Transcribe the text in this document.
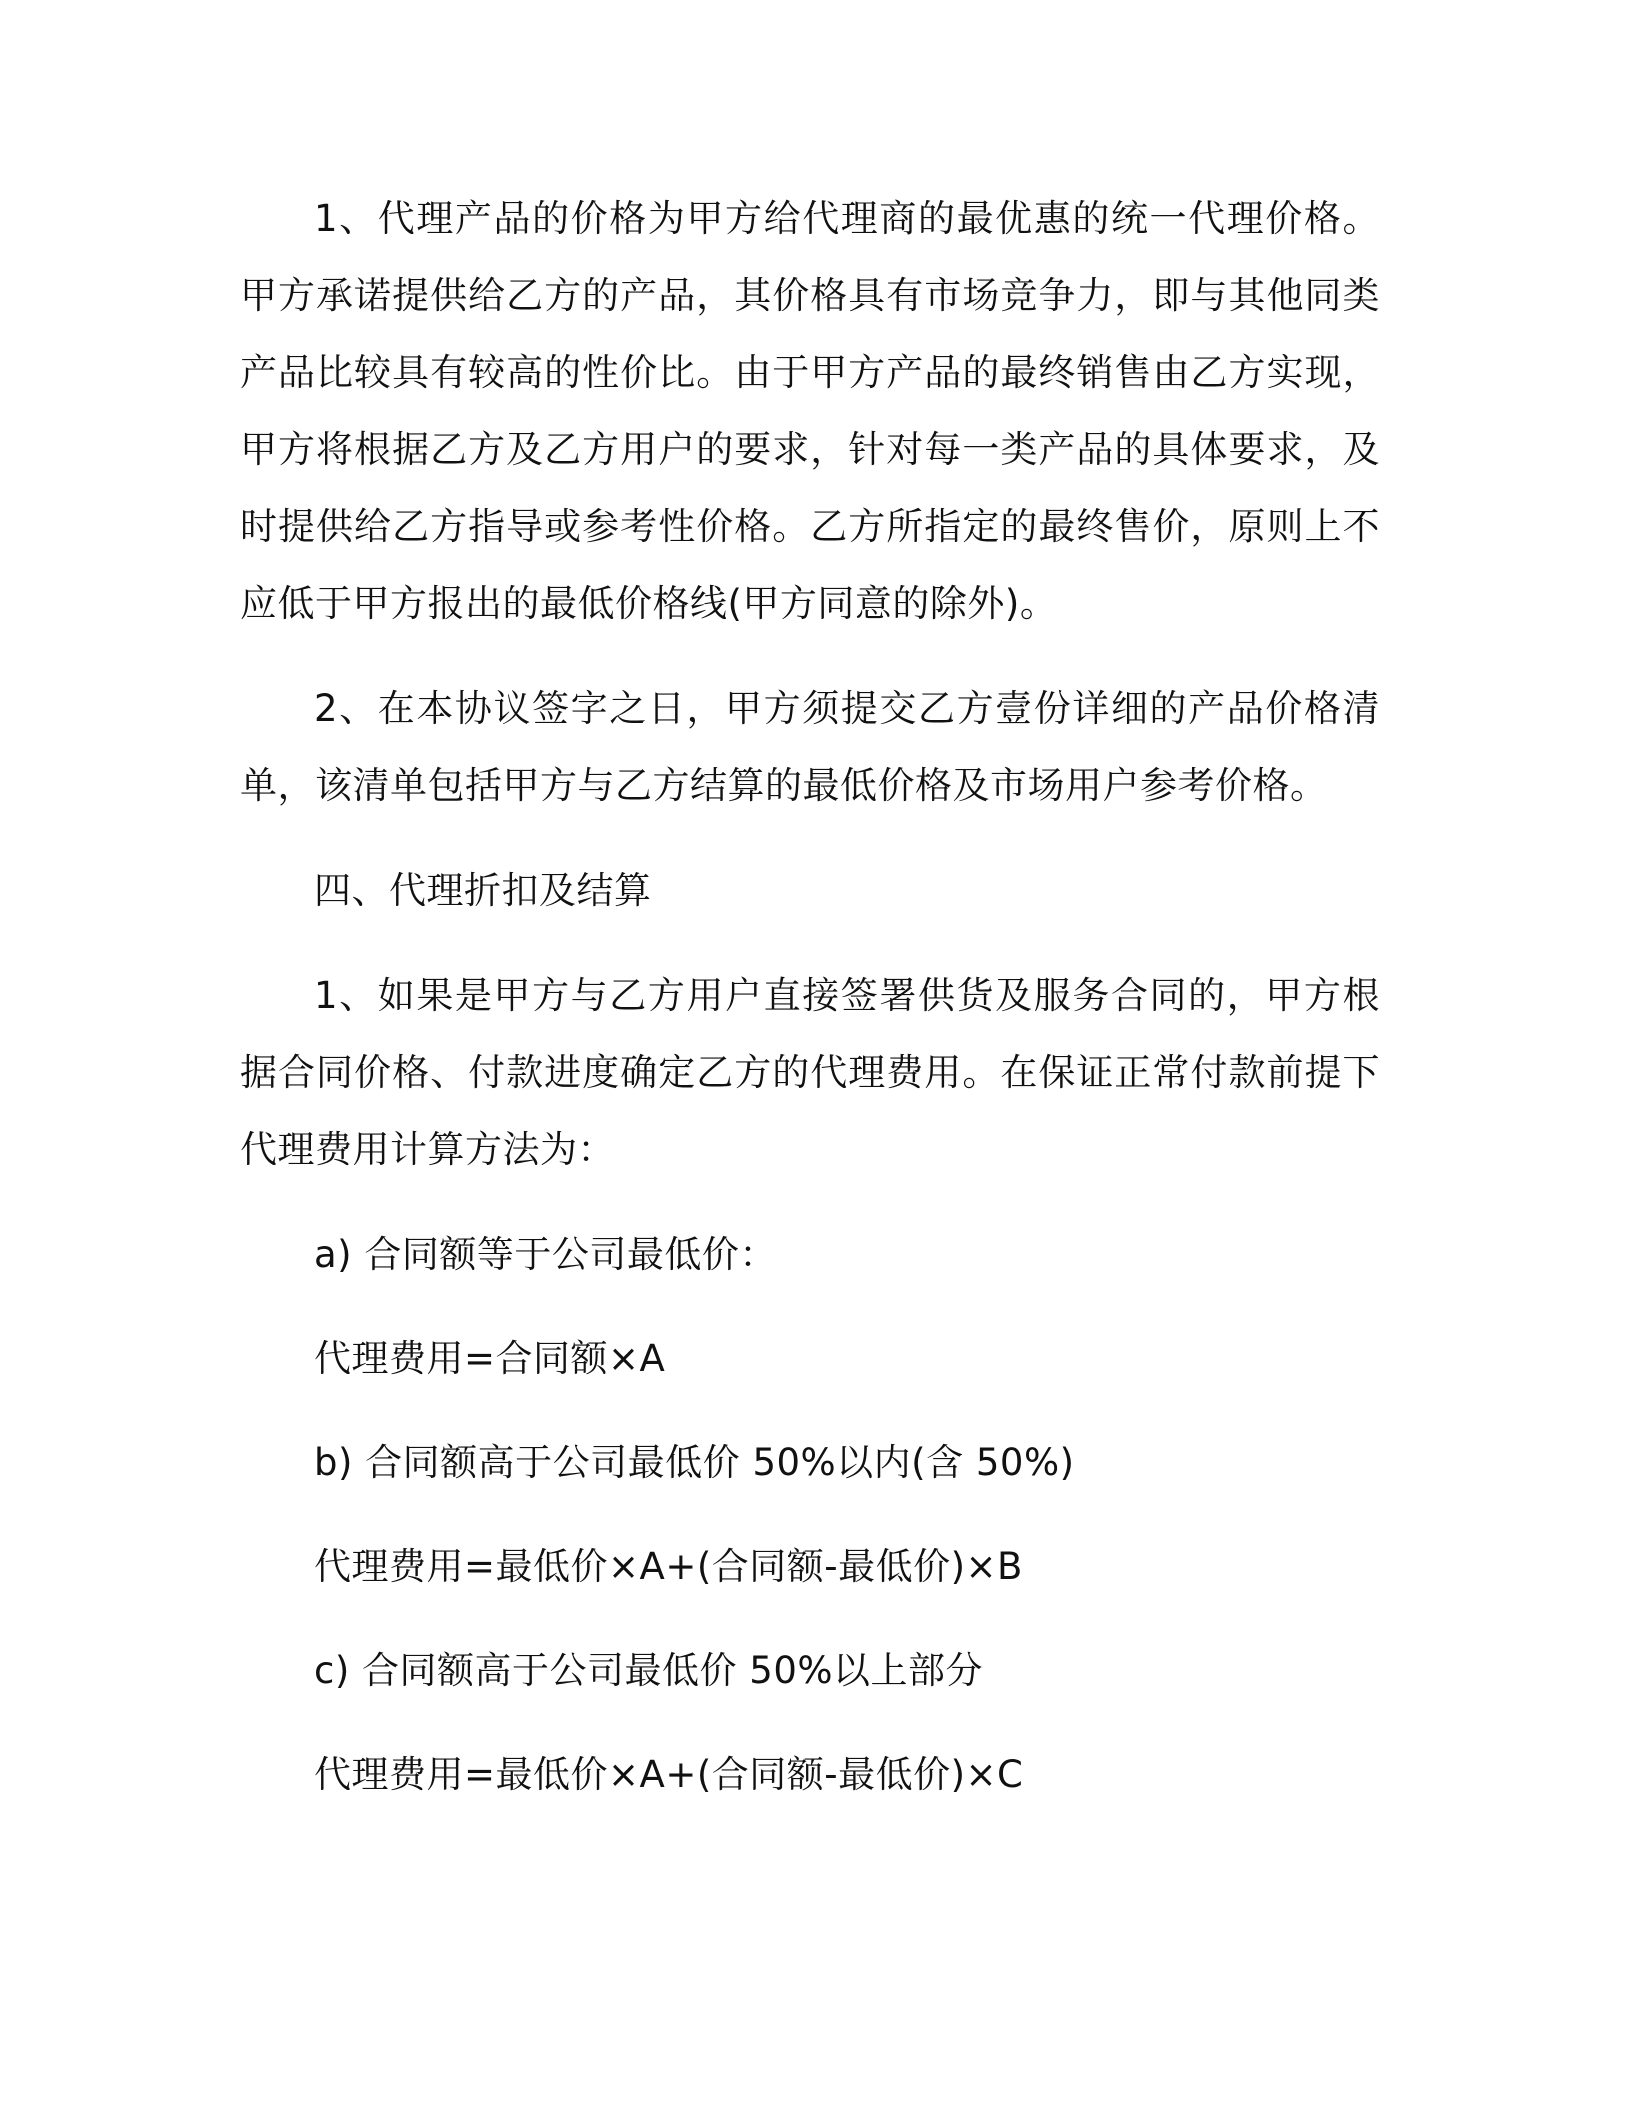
1、代理产品的价格为甲方给代理商的最优惠的统一代理价格。甲方承诺提供给乙方的产品，其价格具有市场竞争力，即与其他同类产品比较具有较高的性价比。由于甲方产品的最终销售由乙方实现，甲方将根据乙方及乙方用户的要求，针对每一类产品的具体要求，及时提供给乙方指导或参考性价格。乙方所指定的最终售价，原则上不应低于甲方报出的最低价格线(甲方同意的除外)。

2、在本协议签字之日，甲方须提交乙方壹份详细的产品价格清单，该清单包括甲方与乙方结算的最低价格及市场用户参考价格。

四、代理折扣及结算

1、如果是甲方与乙方用户直接签署供货及服务合同的，甲方根据合同价格、付款进度确定乙方的代理费用。在保证正常付款前提下代理费用计算方法为：

a) 合同额等于公司最低价：

代理费用=合同额×A

b) 合同额高于公司最低价 50%以内(含 50%)

代理费用=最低价×A+(合同额-最低价)×B

c) 合同额高于公司最低价 50%以上部分

代理费用=最低价×A+(合同额-最低价)×C
